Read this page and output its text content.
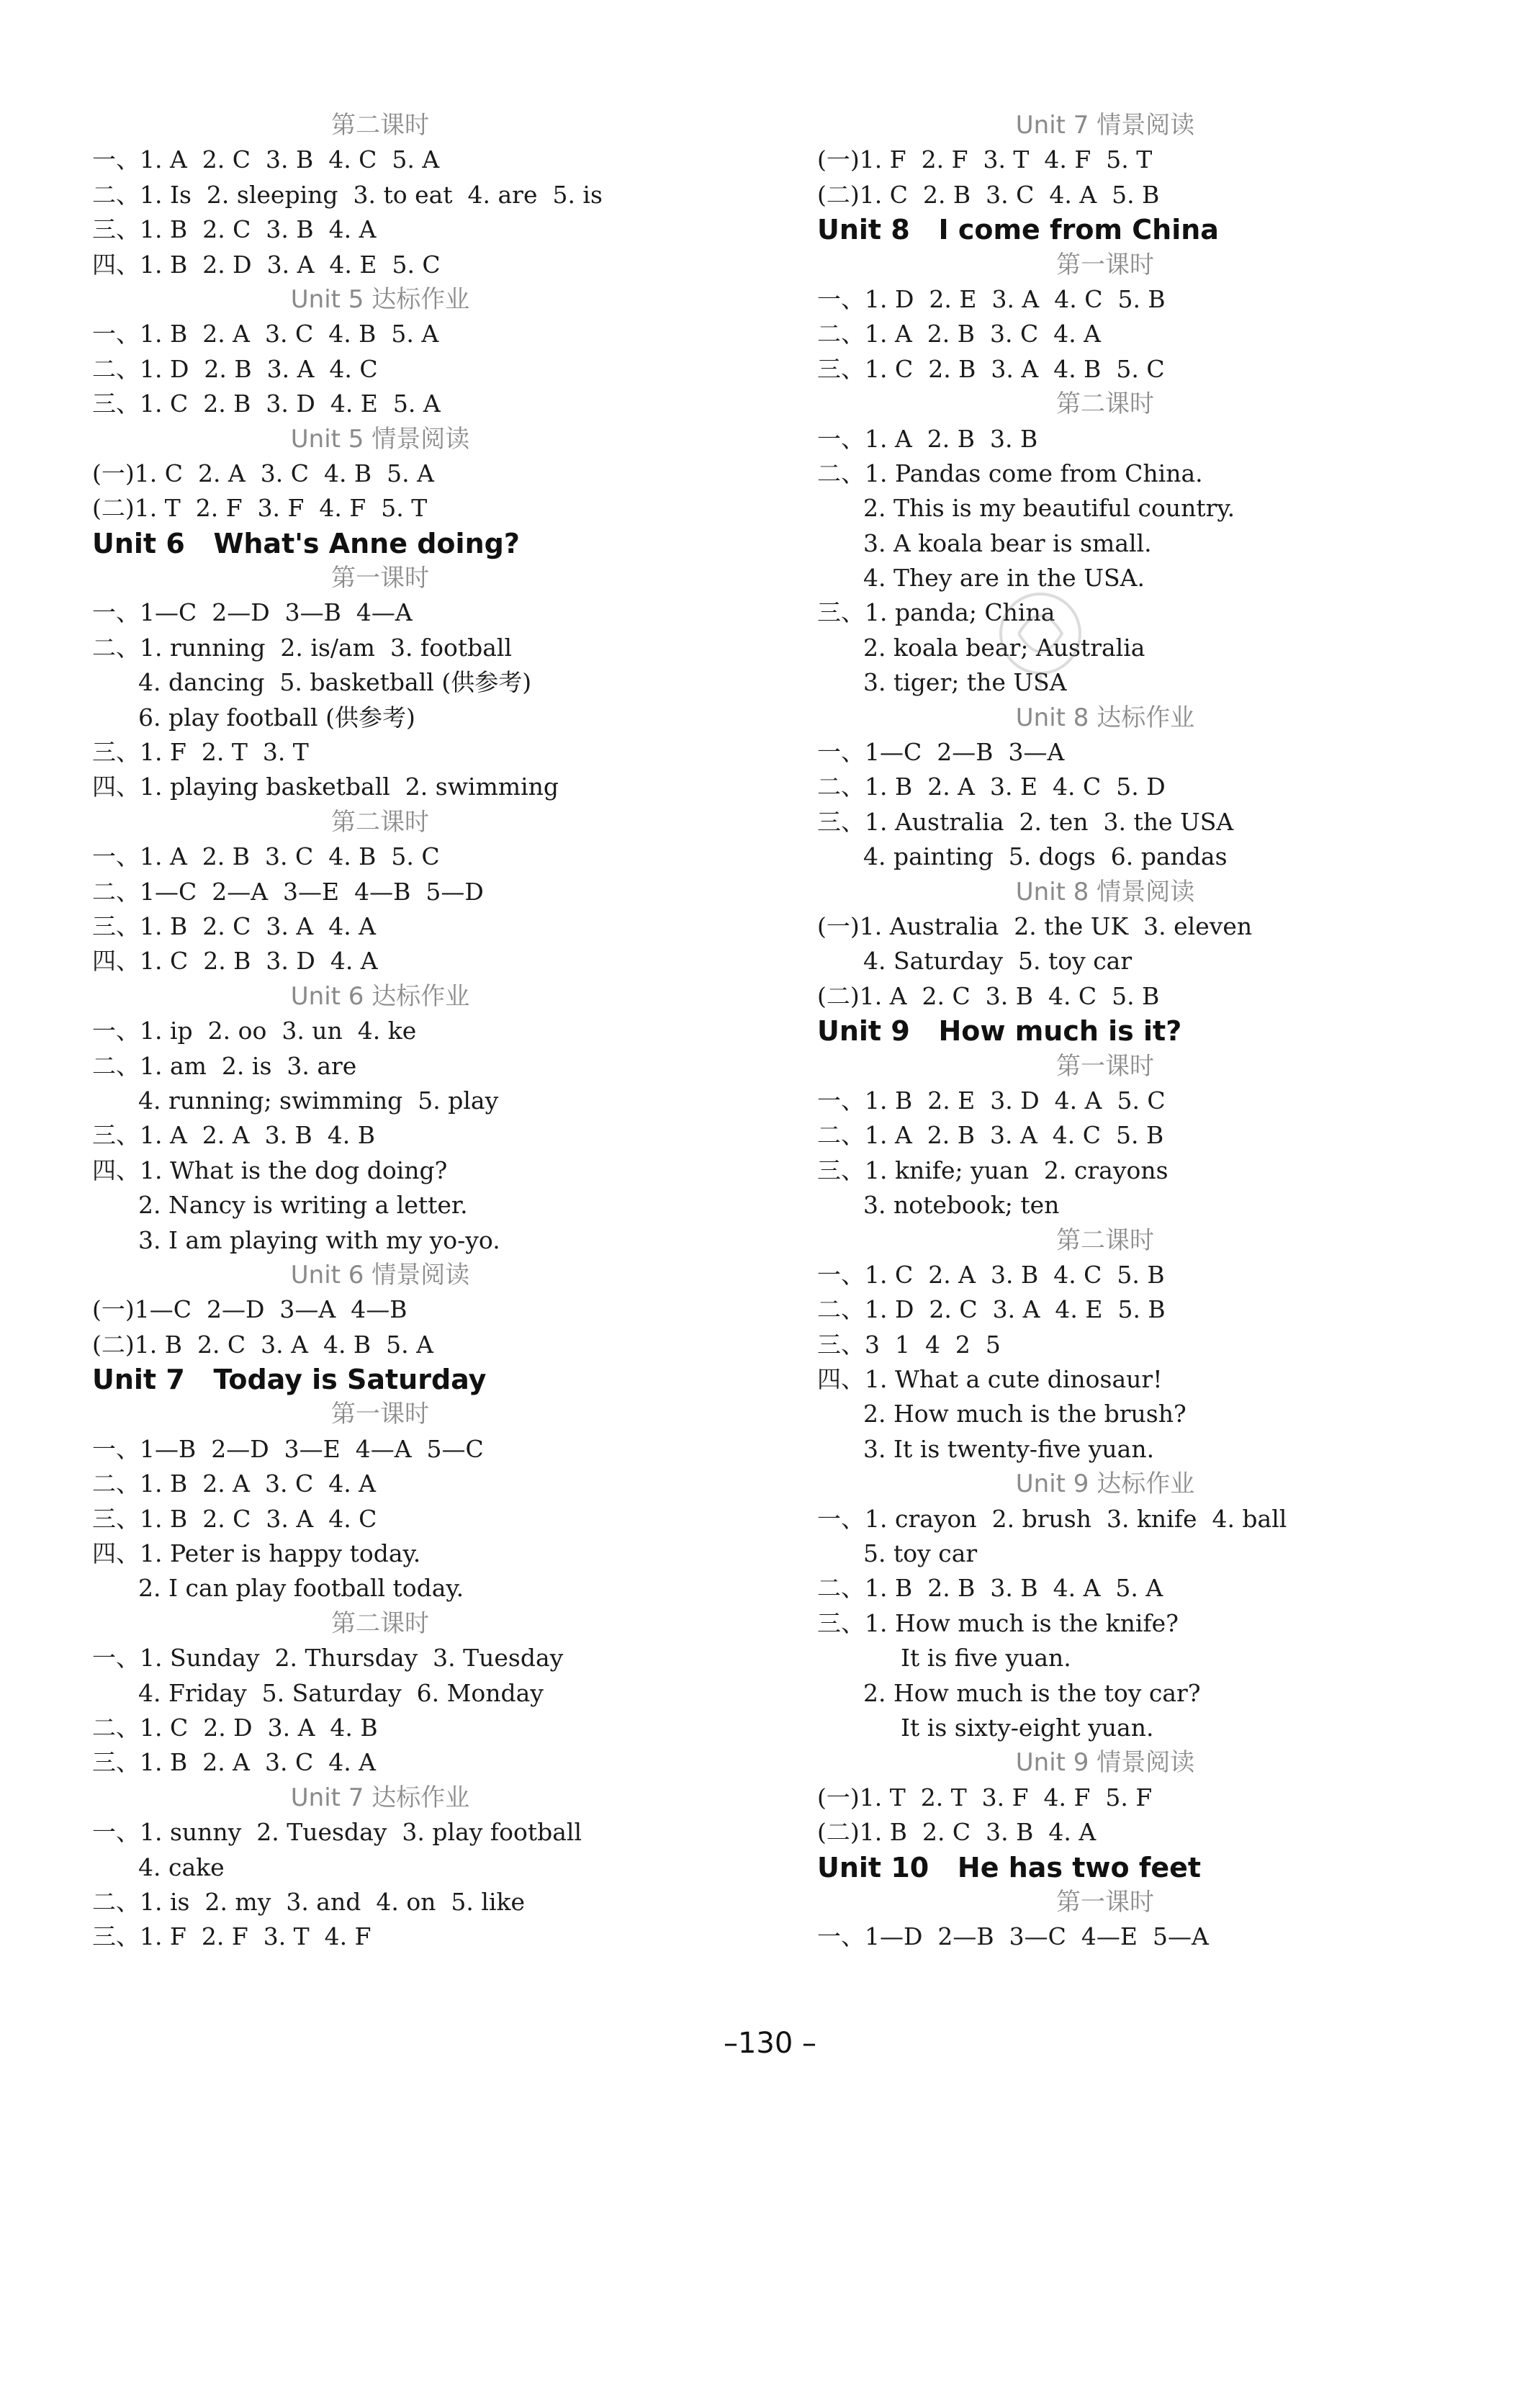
第二课时
一、1. A  2. C  3. B  4. C  5. A
二、1. Is  2. sleeping  3. to eat  4. are  5. is
三、1. B  2. C  3. B  4. A
四、1. B  2. D  3. A  4. E  5. C
Unit 5 达标作业
一、1. B  2. A  3. C  4. B  5. A
二、1. D  2. B  3. A  4. C
三、1. C  2. B  3. D  4. E  5. A
Unit 5 情景阅读
(一)1. C  2. A  3. C  4. B  5. A
(二)1. T  2. F  3. F  4. F  5. T
Unit 6   What's Anne doing?
第一课时
一、1—C  2—D  3—B  4—A
二、1. running  2. is/am  3. football
4. dancing  5. basketball (供参考)
6. play football (供参考)
三、1. F  2. T  3. T
四、1. playing basketball  2. swimming
第二课时
一、1. A  2. B  3. C  4. B  5. C
二、1—C  2—A  3—E  4—B  5—D
三、1. B  2. C  3. A  4. A
四、1. C  2. B  3. D  4. A
Unit 6 达标作业
一、1. ip  2. oo  3. un  4. ke
二、1. am  2. is  3. are
4. running; swimming  5. play
三、1. A  2. A  3. B  4. B
四、1. What is the dog doing?
2. Nancy is writing a letter.
3. I am playing with my yo-yo.
Unit 6 情景阅读
(一)1—C  2—D  3—A  4—B
(二)1. B  2. C  3. A  4. B  5. A
Unit 7   Today is Saturday
第一课时
一、1—B  2—D  3—E  4—A  5—C
二、1. B  2. A  3. C  4. A
三、1. B  2. C  3. A  4. C
四、1. Peter is happy today.
2. I can play football today.
第二课时
一、1. Sunday  2. Thursday  3. Tuesday
4. Friday  5. Saturday  6. Monday
二、1. C  2. D  3. A  4. B
三、1. B  2. A  3. C  4. A
Unit 7 达标作业
一、1. sunny  2. Tuesday  3. play football
4. cake
二、1. is  2. my  3. and  4. on  5. like
三、1. F  2. F  3. T  4. F
Unit 7 情景阅读
(一)1. F  2. F  3. T  4. F  5. T
(二)1. C  2. B  3. C  4. A  5. B
Unit 8   I come from China
第一课时
一、1. D  2. E  3. A  4. C  5. B
二、1. A  2. B  3. C  4. A
三、1. C  2. B  3. A  4. B  5. C
第二课时
一、1. A  2. B  3. B
二、1. Pandas come from China.
2. This is my beautiful country.
3. A koala bear is small.
4. They are in the USA.
三、1. panda; China
2. koala bear; Australia
3. tiger; the USA
Unit 8 达标作业
一、1—C  2—B  3—A
二、1. B  2. A  3. E  4. C  5. D
三、1. Australia  2. ten  3. the USA
4. painting  5. dogs  6. pandas
Unit 8 情景阅读
(一)1. Australia  2. the UK  3. eleven
4. Saturday  5. toy car
(二)1. A  2. C  3. B  4. C  5. B
Unit 9   How much is it?
第一课时
一、1. B  2. E  3. D  4. A  5. C
二、1. A  2. B  3. A  4. C  5. B
三、1. knife; yuan  2. crayons
3. notebook; ten
第二课时
一、1. C  2. A  3. B  4. C  5. B
二、1. D  2. C  3. A  4. E  5. B
三、3  1  4  2  5
四、1. What a cute dinosaur!
2. How much is the brush?
3. It is twenty-five yuan.
Unit 9 达标作业
一、1. crayon  2. brush  3. knife  4. ball
5. toy car
二、1. B  2. B  3. B  4. A  5. A
三、1. How much is the knife?
It is five yuan.
2. How much is the toy car?
It is sixty-eight yuan.
Unit 9 情景阅读
(一)1. T  2. T  3. F  4. F  5. F
(二)1. B  2. C  3. B  4. A
Unit 10   He has two feet
第一课时
一、1—D  2—B  3—C  4—E  5—A
–130 –
